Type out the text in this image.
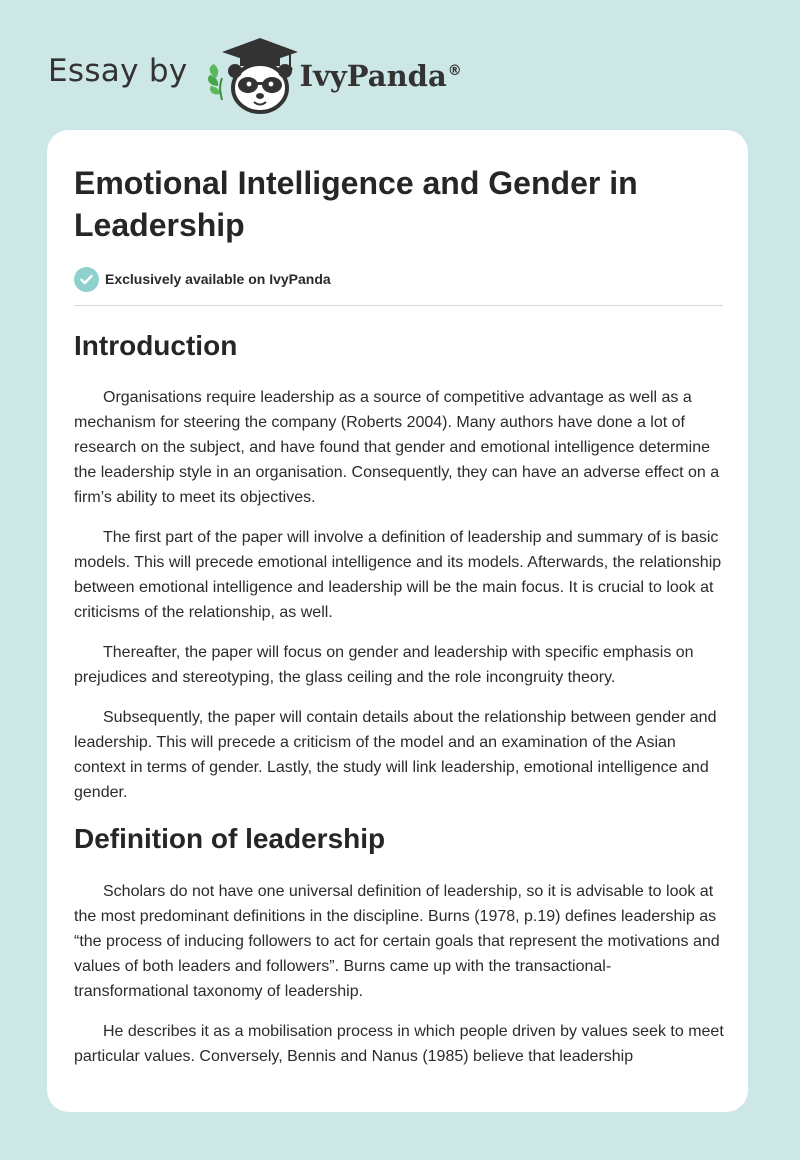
Essay by	IvyPanda®
Emotional Intelligence and Gender in Leadership
Exclusively available on IvyPanda
Introduction

Organisations require leadership as a source of competitive advantage as well as a mechanism for steering the company (Roberts 2004). Many authors have done a lot of research on the subject, and have found that gender and emotional intelligence determine the leadership style in an organisation. Consequently, they can have an adverse effect on a firm’s ability to meet its objectives.

The first part of the paper will involve a definition of leadership and summary of is basic models. This will precede emotional intelligence and its models. Afterwards, the relationship between emotional intelligence and leadership will be the main focus. It is crucial to look at criticisms of the relationship, as well.

Thereafter, the paper will focus on gender and leadership with specific emphasis on prejudices and stereotyping, the glass ceiling and the role incongruity theory.

Subsequently, the paper will contain details about the relationship between gender and leadership. This will precede a criticism of the model and an examination of the Asian context in terms of gender. Lastly, the study will link leadership, emotional intelligence and gender.

Definition of leadership

Scholars do not have one universal definition of leadership, so it is advisable to look at the most predominant definitions in the discipline. Burns (1978, p.19) defines leadership as “the process of inducing followers to act for certain goals that represent the motivations and values of both leaders and followers”. Burns came up with the transactional-transformational taxonomy of leadership.

He describes it as a mobilisation process in which people driven by values seek to meet particular values. Conversely, Bennis and Nanus (1985) believe that leadership
